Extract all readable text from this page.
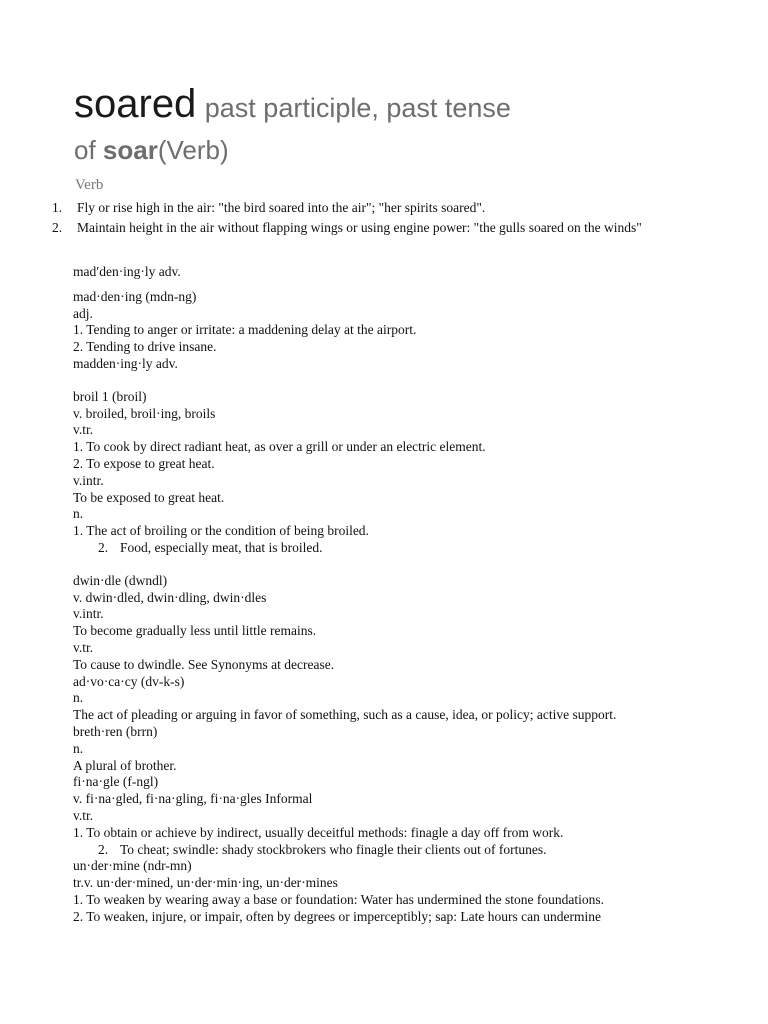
soared past participle, past tense
of soar(Verb)
Verb
1. Fly or rise high in the air: "the bird soared into the air"; "her spirits soared".
2. Maintain height in the air without flapping wings or using engine power: "the gulls soared on the winds"
mad′den·ing·ly adv.
mad·den·ing (mdn-ng)
adj.
1. Tending to anger or irritate: a maddening delay at the airport.
2. Tending to drive insane.
madden·ing·ly adv.
broil 1 (broil)
v. broiled, broil·ing, broils
v.tr.
1. To cook by direct radiant heat, as over a grill or under an electric element.
2. To expose to great heat.
v.intr.
To be exposed to great heat.
n.
1. The act of broiling or the condition of being broiled.
2. Food, especially meat, that is broiled.
dwin·dle (dwndl)
v. dwin·dled, dwin·dling, dwin·dles
v.intr.
To become gradually less until little remains.
v.tr.
To cause to dwindle. See Synonyms at decrease.
ad·vo·ca·cy (dv-k-s)
n.
The act of pleading or arguing in favor of something, such as a cause, idea, or policy; active support.
breth·ren (brrn)
n.
A plural of brother.
fi·na·gle (f-ngl)
v. fi·na·gled, fi·na·gling, fi·na·gles Informal
v.tr.
1. To obtain or achieve by indirect, usually deceitful methods: finagle a day off from work.
2. To cheat; swindle: shady stockbrokers who finagle their clients out of fortunes.
un·der·mine (ndr-mn)
tr.v. un·der·mined, un·der·min·ing, un·der·mines
1. To weaken by wearing away a base or foundation: Water has undermined the stone foundations.
2. To weaken, injure, or impair, often by degrees or imperceptibly; sap: Late hours can undermine
